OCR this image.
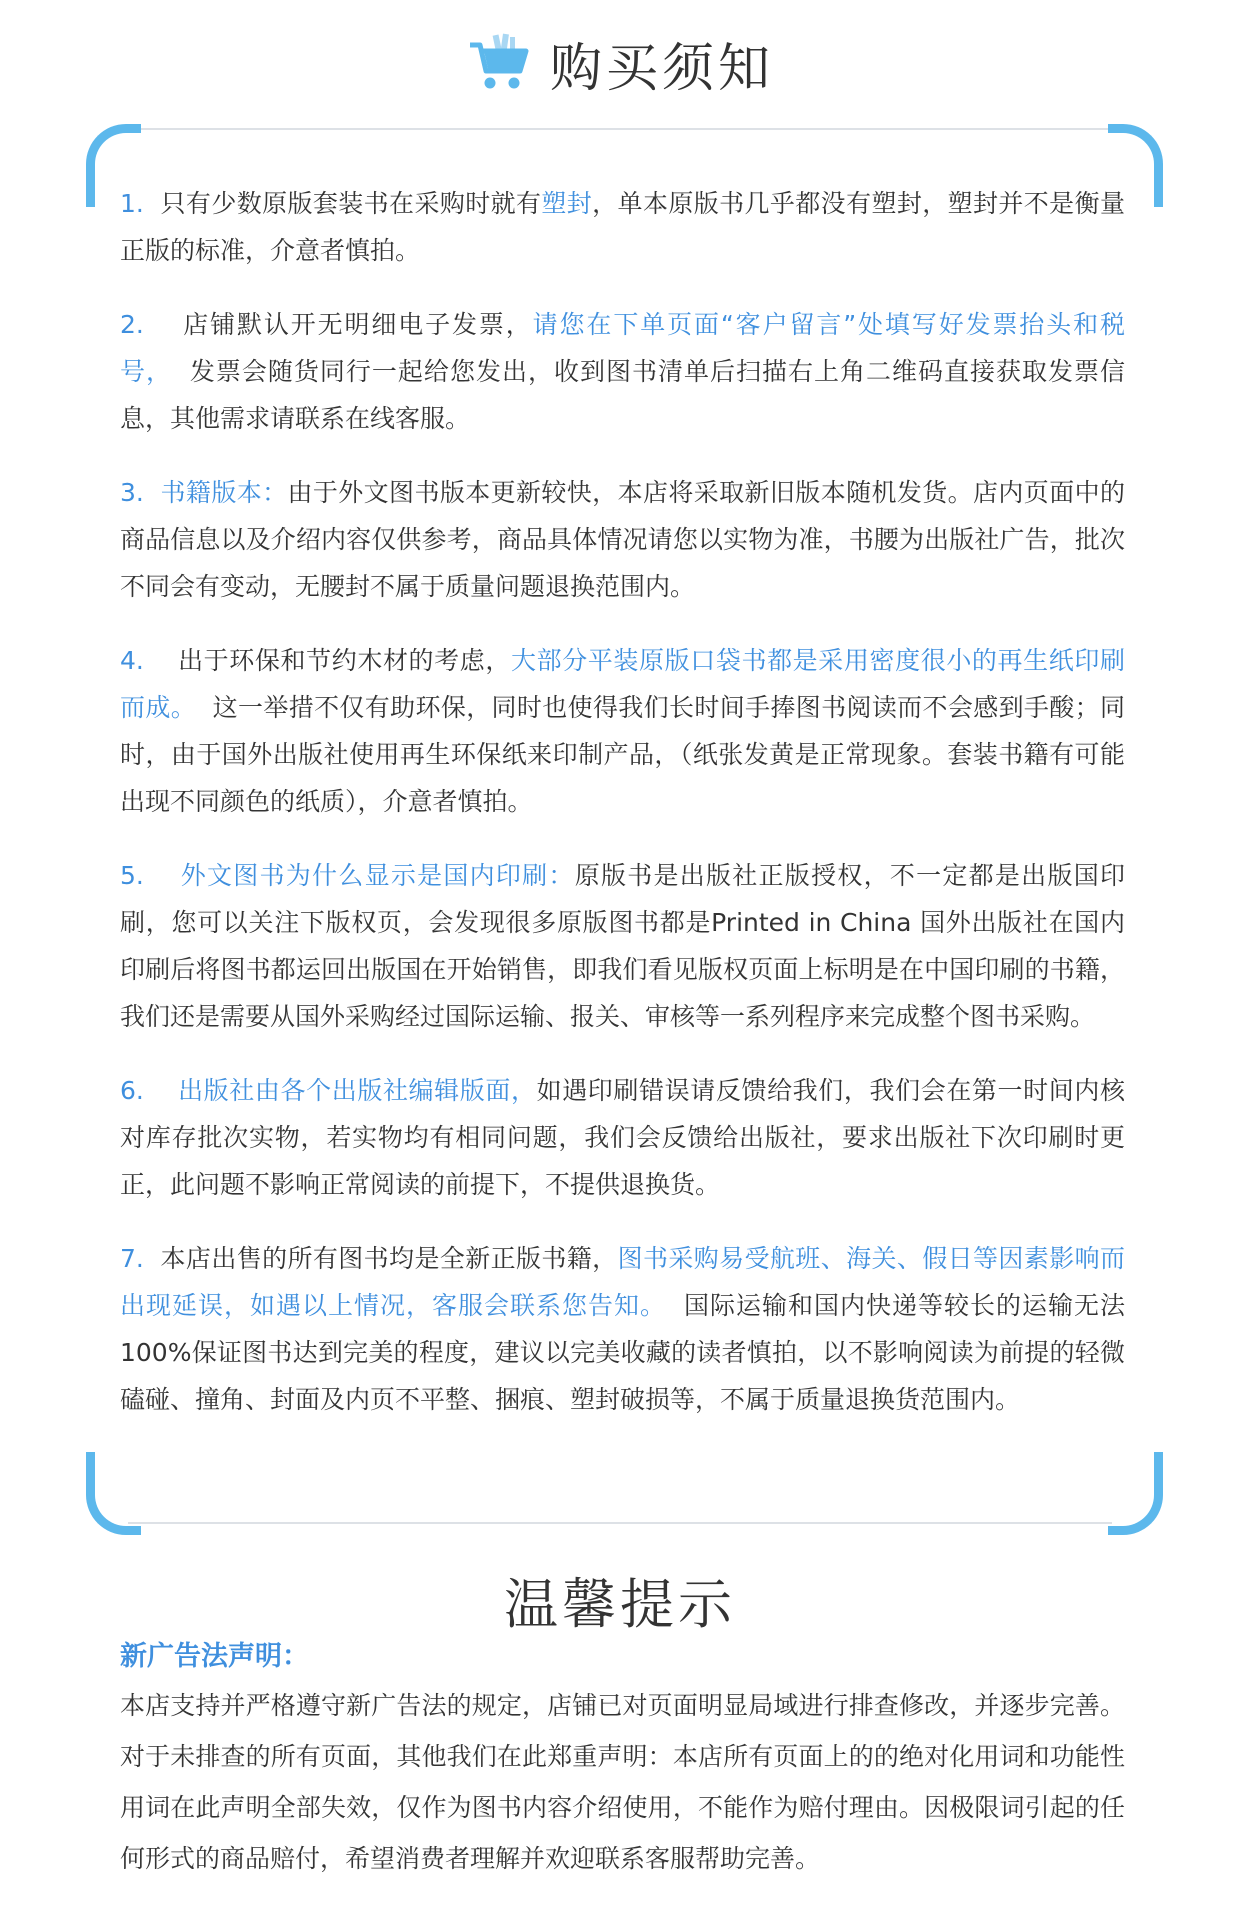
购买须知
1. 只有少数原版套装书在采购时就有塑封，单本原版书几乎都没有塑封，塑封并不是衡量正版的标准，介意者慎拍。
2. 店铺默认开无明细电子发票，请您在下单页面“客户留言”处填写好发票抬头和税号， 发票会随货同行一起给您发出，收到图书清单后扫描右上角二维码直接获取发票信息，其他需求请联系在线客服。
3. 书籍版本：由于外文图书版本更新较快，本店将采取新旧版本随机发货。店内页面中的商品信息以及介绍内容仅供参考，商品具体情况请您以实物为准，书腰为出版社广告，批次不同会有变动，无腰封不属于质量问题退换范围内。
4. 出于环保和节约木材的考虑，大部分平装原版口袋书都是采用密度很小的再生纸印刷而成。 这一举措不仅有助环保，同时也使得我们长时间手捧图书阅读而不会感到手酸；同时，由于国外出版社使用再生环保纸来印制产品，（纸张发黄是正常现象。套装书籍有可能出现不同颜色的纸质），介意者慎拍。
5. 外文图书为什么显示是国内印刷：原版书是出版社正版授权，不一定都是出版国印刷，您可以关注下版权页，会发现很多原版图书都是Printed in China 国外出版社在国内印刷后将图书都运回出版国在开始销售，即我们看见版权页面上标明是在中国印刷的书籍，我们还是需要从国外采购经过国际运输、报关、审核等一系列程序来完成整个图书采购。
6. 出版社由各个出版社编辑版面，如遇印刷错误请反馈给我们，我们会在第一时间内核对库存批次实物，若实物均有相同问题，我们会反馈给出版社，要求出版社下次印刷时更正，此问题不影响正常阅读的前提下，不提供退换货。
7. 本店出售的所有图书均是全新正版书籍，图书采购易受航班、海关、假日等因素影响而出现延误，如遇以上情况，客服会联系您告知。 国际运输和国内快递等较长的运输无法100%保证图书达到完美的程度，建议以完美收藏的读者慎拍，以不影响阅读为前提的轻微磕碰、撞角、封面及内页不平整、捆痕、塑封破损等，不属于质量退换货范围内。
温馨提示
新广告法声明：
本店支持并严格遵守新广告法的规定，店铺已对页面明显局域进行排查修改，并逐步完善。对于未排查的所有页面，其他我们在此郑重声明：本店所有页面上的的绝对化用词和功能性用词在此声明全部失效，仅作为图书内容介绍使用，不能作为赔付理由。因极限词引起的任何形式的商品赔付，希望消费者理解并欢迎联系客服帮助完善。
